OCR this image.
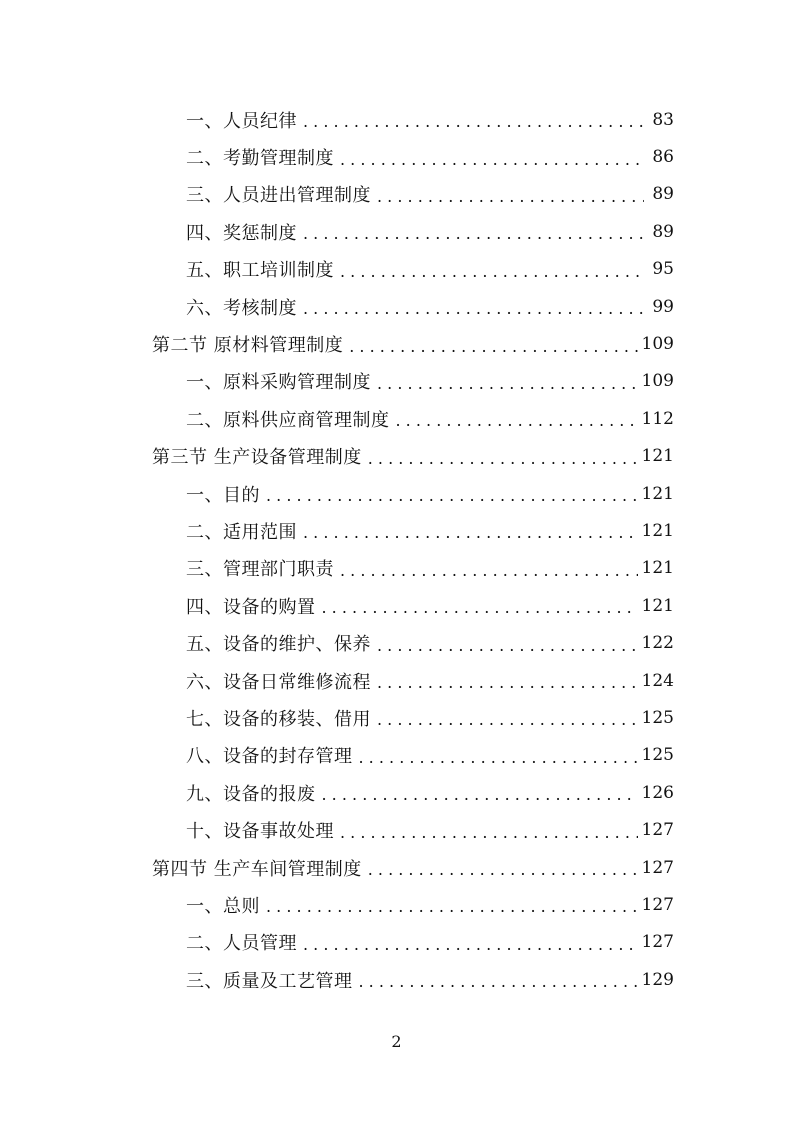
一、人员纪律 . . .	83
二、考勤管理制度 . . .	86
三、人员进出管理制度 . . .	89
四、奖惩制度 . . .	89
五、职工培训制度 . . .	95
六、考核制度 . . .	99
第二节 原材料管理制度 . . .	109
一、原料采购管理制度 . . .	109
二、原料供应商管理制度 . . .	112
第三节 生产设备管理制度 . . .	121
一、目的 . . .	121
二、适用范围 . . .	121
三、管理部门职责 . . .	121
四、设备的购置 . . .	121
五、设备的维护、保养 . . .	122
六、设备日常维修流程 . . .	124
七、设备的移装、借用 . . .	125
八、设备的封存管理 . . .	125
九、设备的报废 . . .	126
十、设备事故处理 . . .	127
第四节 生产车间管理制度 . . .	127
一、总则 . . .	127
二、人员管理 . . .	127
三、质量及工艺管理 . . .	129
2
